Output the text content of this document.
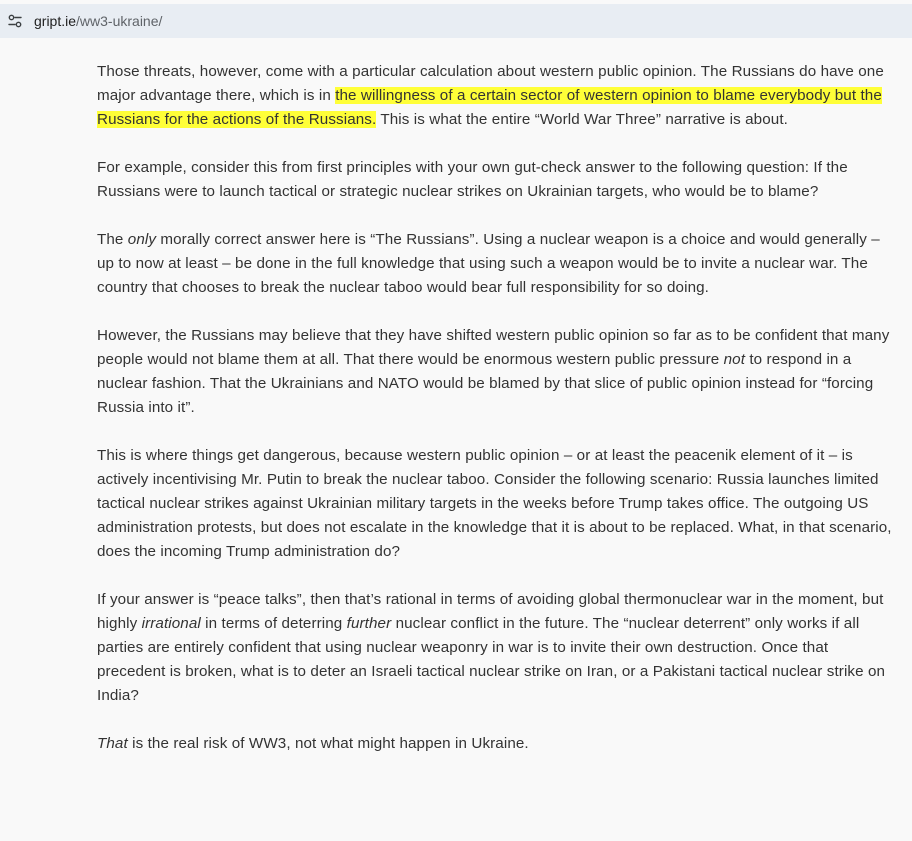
gript.ie/ww3-ukraine/

Those threats, however, come with a particular calculation about western public opinion. The Russians do have one major advantage there, which is in the willingness of a certain sector of western opinion to blame everybody but the Russians for the actions of the Russians. This is what the entire “World War Three” narrative is about.

For example, consider this from first principles with your own gut-check answer to the following question: If the Russians were to launch tactical or strategic nuclear strikes on Ukrainian targets, who would be to blame?

The only morally correct answer here is “The Russians”. Using a nuclear weapon is a choice and would generally – up to now at least – be done in the full knowledge that using such a weapon would be to invite a nuclear war. The country that chooses to break the nuclear taboo would bear full responsibility for so doing.

However, the Russians may believe that they have shifted western public opinion so far as to be confident that many people would not blame them at all. That there would be enormous western public pressure not to respond in a nuclear fashion. That the Ukrainians and NATO would be blamed by that slice of public opinion instead for “forcing Russia into it”.

This is where things get dangerous, because western public opinion – or at least the peacenik element of it – is actively incentivising Mr. Putin to break the nuclear taboo. Consider the following scenario: Russia launches limited tactical nuclear strikes against Ukrainian military targets in the weeks before Trump takes office. The outgoing US administration protests, but does not escalate in the knowledge that it is about to be replaced. What, in that scenario, does the incoming Trump administration do?

If your answer is “peace talks”, then that’s rational in terms of avoiding global thermonuclear war in the moment, but highly irrational in terms of deterring further nuclear conflict in the future. The “nuclear deterrent” only works if all parties are entirely confident that using nuclear weaponry in war is to invite their own destruction. Once that precedent is broken, what is to deter an Israeli tactical nuclear strike on Iran, or a Pakistani tactical nuclear strike on India?

That is the real risk of WW3, not what might happen in Ukraine.
